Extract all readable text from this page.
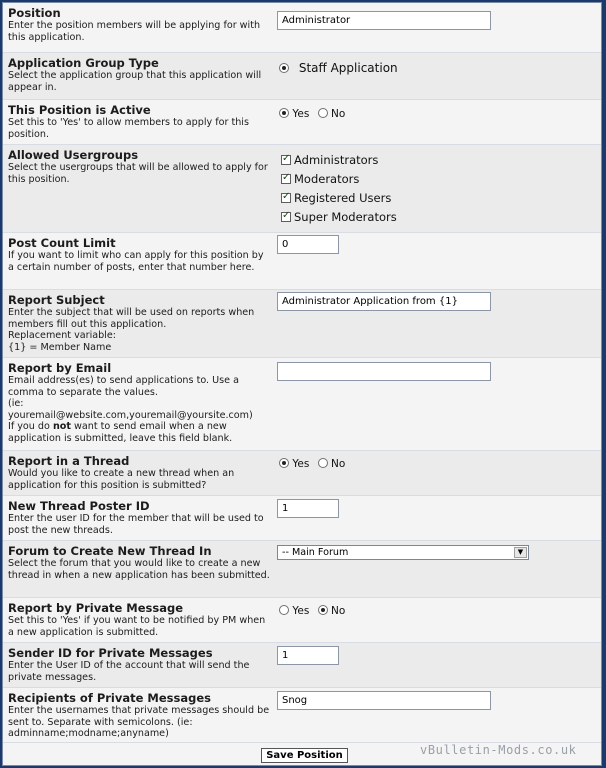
Position
Enter the position members will be applying for with this application.
Administrator
Application Group Type
Select the application group that this application will appear in.
Staff Application
This Position is Active
Set this to 'Yes' to allow members to apply for this position.
Yes No
Allowed Usergroups
Select the usergroups that will be allowed to apply for this position.
✓Administrators
✓Moderators
✓Registered Users
✓Super Moderators
Post Count Limit
If you want to limit who can apply for this position by a certain number of posts, enter that number here.
0
Report Subject
Enter the subject that will be used on reports when members fill out this application.
Replacement variable:
{1} = Member Name
Administrator Application from {1}
Report by Email
Email address(es) to send applications to. Use a comma to separate the values.
(ie: youremail@website.com,youremail@yoursite.com)
If you do not want to send email when a new application is submitted, leave this field blank.
Report in a Thread
Would you like to create a new thread when an application for this position is submitted?
Yes No
New Thread Poster ID
Enter the user ID for the member that will be used to post the new threads.
1
Forum to Create New Thread In
Select the forum that you would like to create a new thread in when a new application has been submitted.
-- Main Forum	▼
Report by Private Message
Set this to 'Yes' if you want to be notified by PM when a new application is submitted.
Yes No
Sender ID for Private Messages
Enter the User ID of the account that will send the private messages.
1
Recipients of Private Messages
Enter the usernames that private messages should be sent to. Separate with semicolons. (ie: adminname;modname;anyname)
Snog
Save Position	vBulletin-Mods.co.uk
